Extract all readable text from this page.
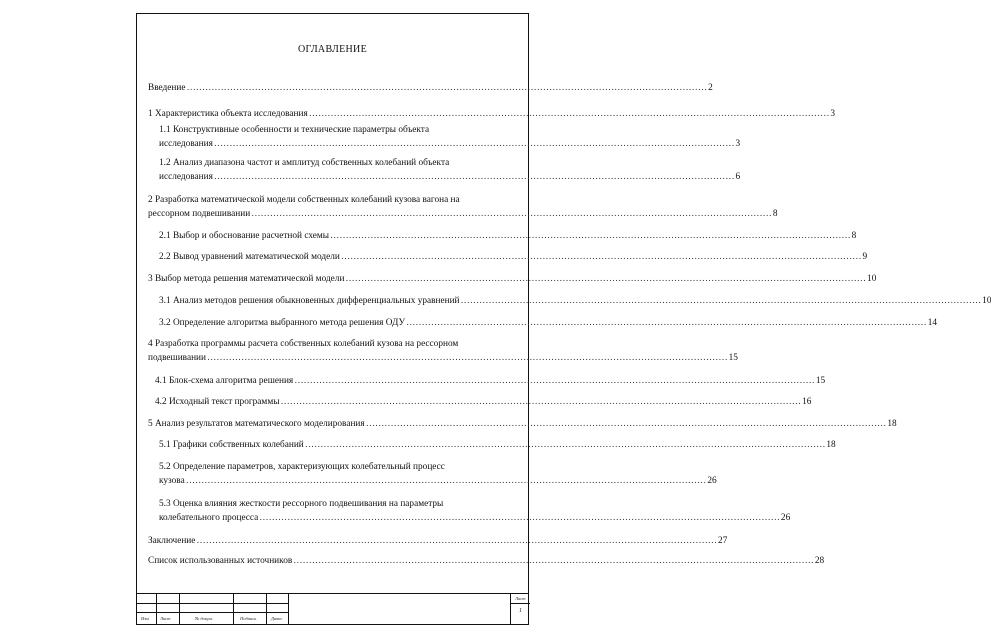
ОГЛАВЛЕНИЕ
Введение ……………………………………………………………………………………………………………………………………………………	2
1 Характеристика объекта исследования ……………………………………………………………………………………………………………………………………………………	3
1.1 Конструктивные особенности и технические параметры объекта
исследования ……………………………………………………………………………………………………………………………………………………	3
1.2 Анализ диапазона частот и амплитуд собственных колебаний объекта
исследования ……………………………………………………………………………………………………………………………………………………	6
2 Разработка математической модели собственных колебаний кузова вагона на
рессорном подвешивании ……………………………………………………………………………………………………………………………………………………	8
2.1 Выбор и обоснование расчетной схемы ……………………………………………………………………………………………………………………………………………………	8
2.2 Вывод уравнений математической модели ……………………………………………………………………………………………………………………………………………………	9
3 Выбор метода решения математической модели ……………………………………………………………………………………………………………………………………………………	10
3.1 Анализ методов решения обыкновенных дифференциальных уравнений ……………………………………………………………………………………………………………………………………………………	10
3.2 Определение алгоритма выбранного метода решения ОДУ ……………………………………………………………………………………………………………………………………………………	14
4 Разработка программы расчета собственных колебаний кузова на рессорном
подвешивании ……………………………………………………………………………………………………………………………………………………	15
4.1 Блок-схема алгоритма решения ……………………………………………………………………………………………………………………………………………………	15
4.2 Исходный текст программы ……………………………………………………………………………………………………………………………………………………	16
5 Анализ результатов математического моделирования ……………………………………………………………………………………………………………………………………………………	18
5.1 Графики собственных колебаний ……………………………………………………………………………………………………………………………………………………	18
5.2 Определение параметров, характеризующих колебательный процесс
кузова ……………………………………………………………………………………………………………………………………………………	26
5.3 Оценка влияния жесткости рессорного подвешивания на параметры
колебательного процесса ……………………………………………………………………………………………………………………………………………………	26
Заключение ……………………………………………………………………………………………………………………………………………………	27
Список использованных источников ……………………………………………………………………………………………………………………………………………………	28
Изм Лист	№ докум.	Подпись	Дата
Лист
1
